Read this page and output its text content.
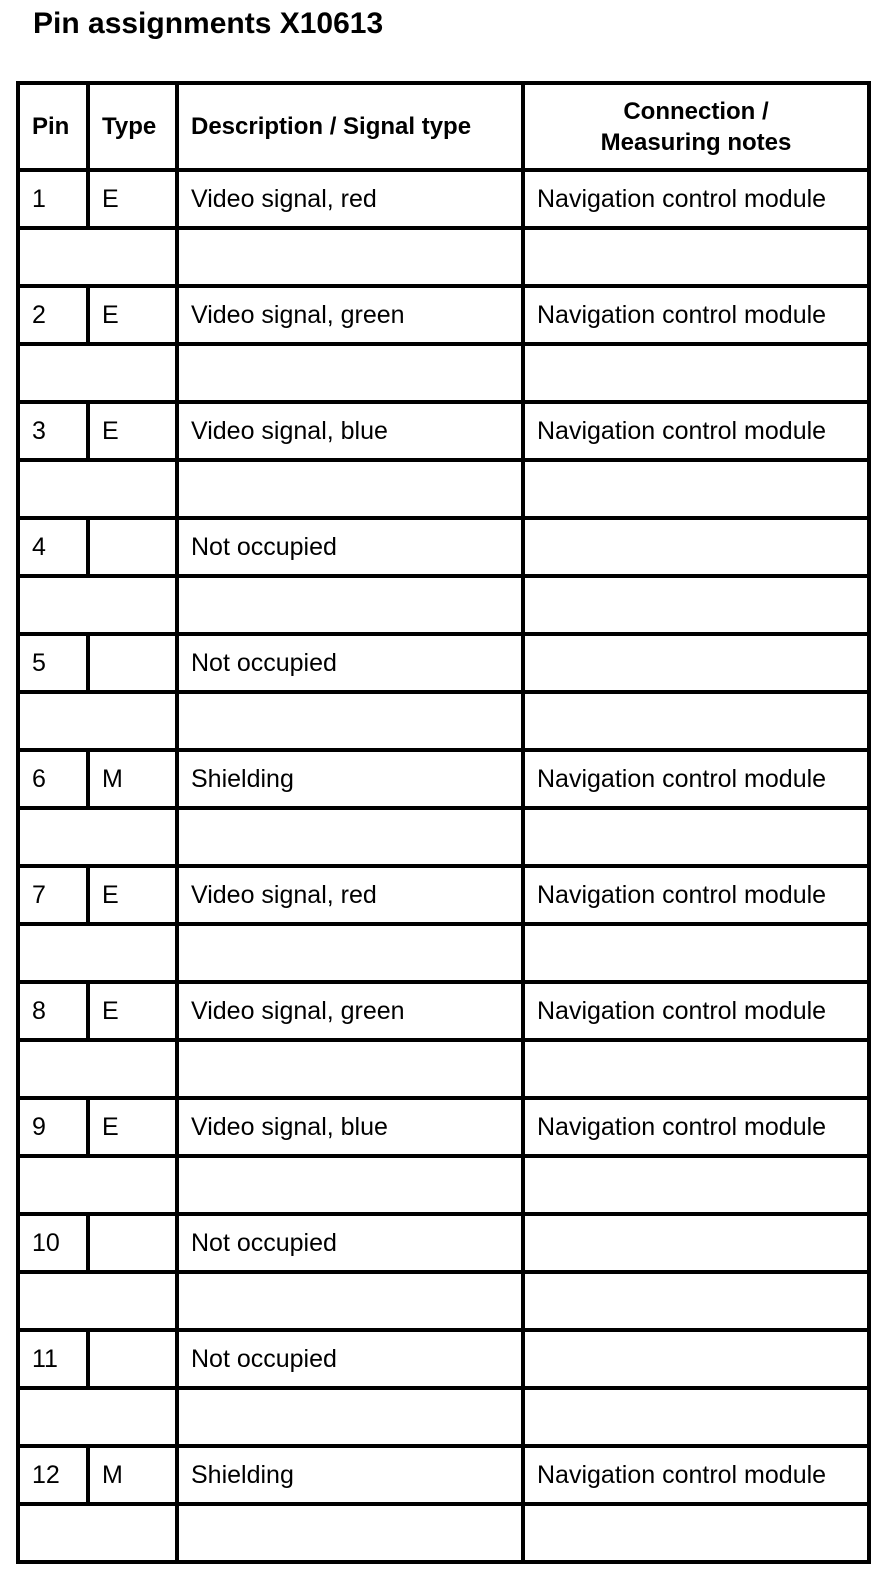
Pin assignments X10613
Pin	Type	Description / Signal type	Connection /
Measuring notes
1	E	Video signal, red	Navigation control module

2	E	Video signal, green	Navigation control module

3	E	Video signal, blue	Navigation control module

4		Not occupied	

5		Not occupied	

6	M	Shielding	Navigation control module

7	E	Video signal, red	Navigation control module

8	E	Video signal, green	Navigation control module

9	E	Video signal, blue	Navigation control module

10		Not occupied	

11		Not occupied	

12	M	Shielding	Navigation control module
